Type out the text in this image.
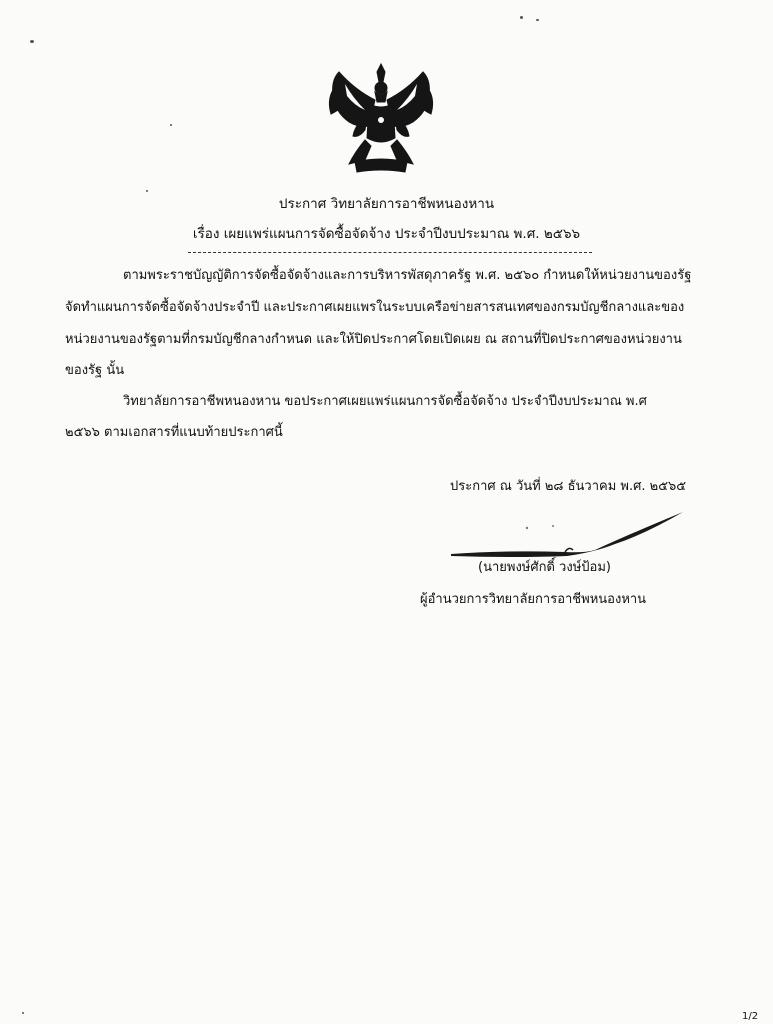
ประกาศ วิทยาลัยการอาชีพหนองหาน
เรื่อง เผยแพร่แผนการจัดซื้อจัดจ้าง ประจำปีงบประมาณ พ.ศ. ๒๕๖๖
ตามพระราชบัญญัติการจัดซื้อจัดจ้างและการบริหารพัสดุภาครัฐ พ.ศ. ๒๕๖๐ กำหนดให้หน่วยงานของรัฐ
จัดทำแผนการจัดซื้อจัดจ้างประจำปี และประกาศเผยแพรในระบบเครือข่ายสารสนเทศของกรมบัญชีกลางและของ
หน่วยงานของรัฐตามที่กรมบัญชีกลางกำหนด และให้ปิดประกาศโดยเปิดเผย ณ สถานที่ปิดประกาศของหน่วยงาน
ของรัฐ นั้น
วิทยาลัยการอาชีพหนองหาน ขอประกาศเผยแพร่แผนการจัดซื้อจัดจ้าง ประจำปีงบประมาณ พ.ศ
๒๕๖๖ ตามเอกสารที่แนบท้ายประกาศนี้
ประกาศ ณ วันที่ ๒๘ ธันวาคม พ.ศ. ๒๕๖๕
(นายพงษ์ศักดิ์ วงษ์ป้อม)
ผู้อำนวยการวิทยาลัยการอาชีพหนองหาน
1/2
